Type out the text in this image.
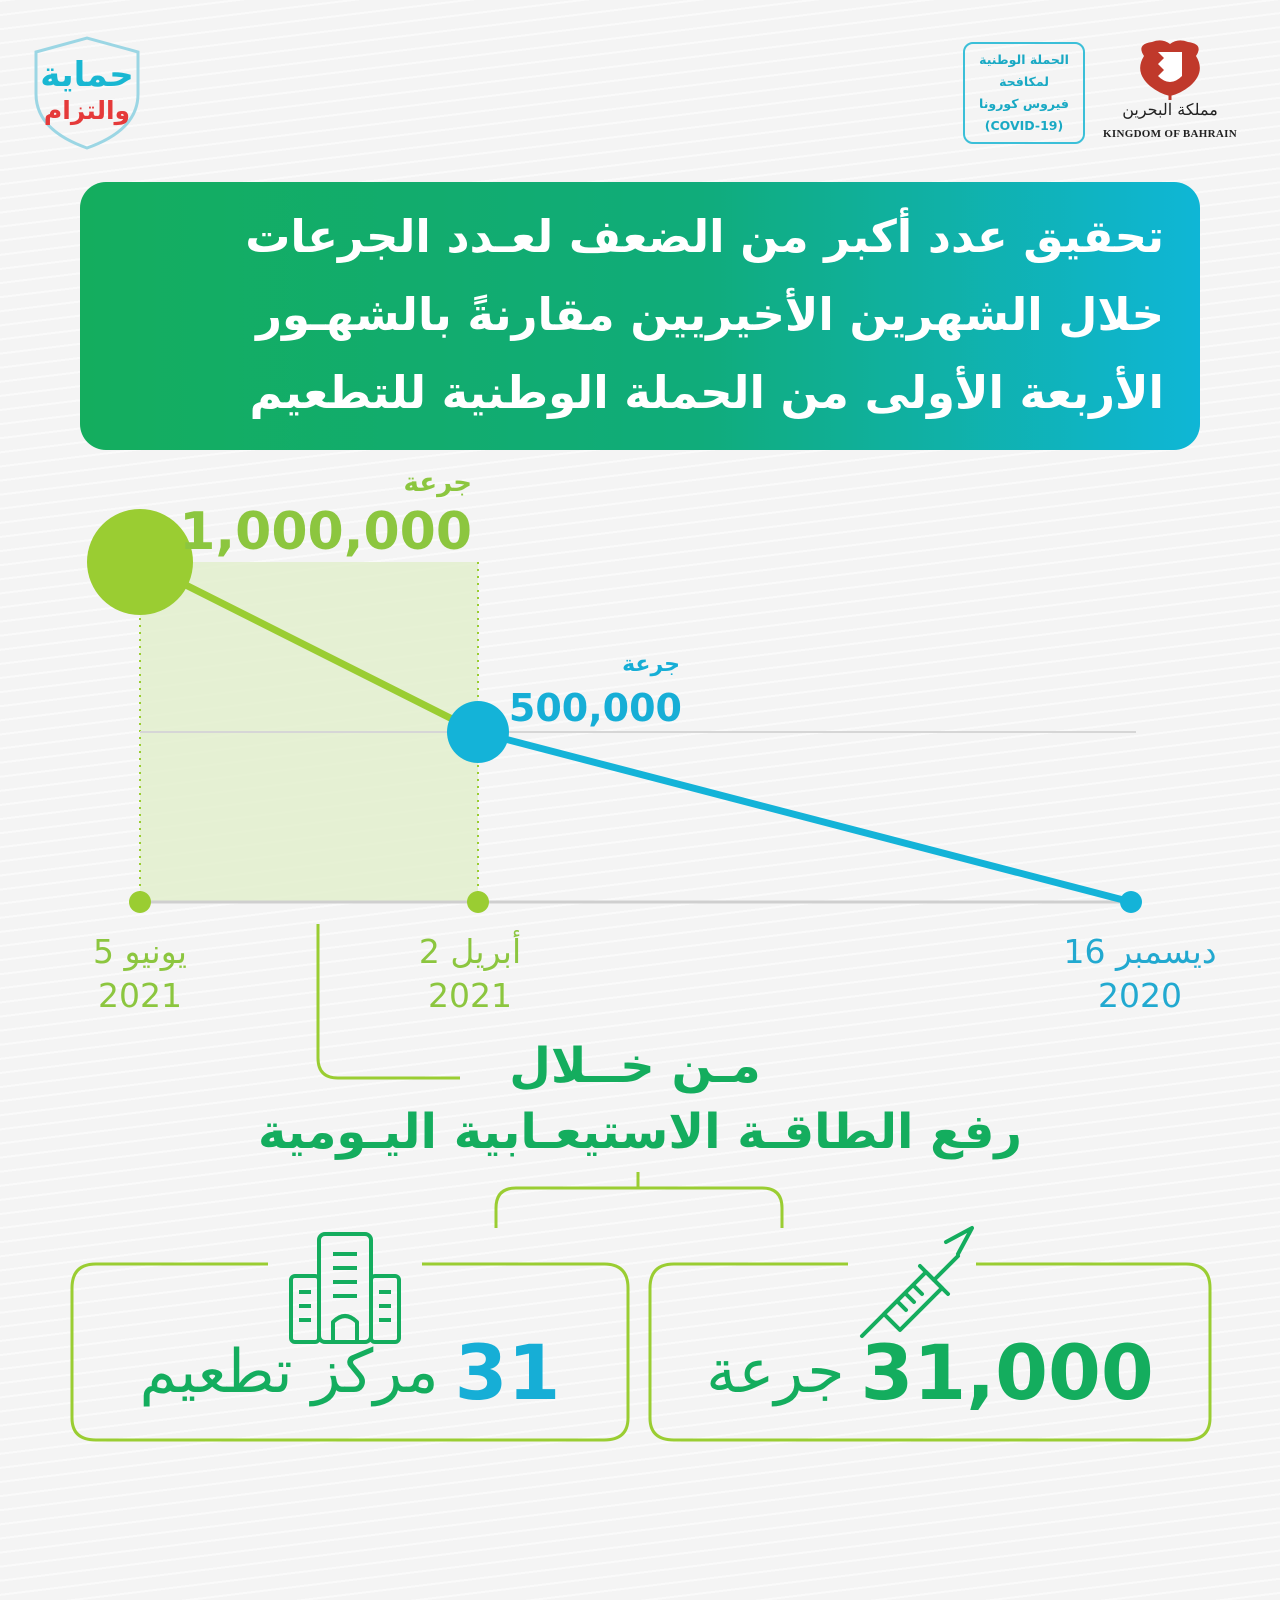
حماية
والتزام
الحملة الوطنية
لمكافحة
فيروس كورونا
(COVID-19)
مملكة البحرين
KINGDOM OF BAHRAIN
تحقيق عدد أكبر من الضعف لعـدد الجرعات
خلال الشهرين الأخيريين مقارنةً بالشهـور
الأربعة الأولى من الحملة الوطنية للتطعيم
جرعة
1,000,000
جرعة
500,000
5 يونيو
2021
2 أبريل
2021
16 ديسمبر
2020
مـن خــلال
رفع الطاقـة الاستيعـابية اليـومية
31
مركز تطعيم	31,000
جرعة
